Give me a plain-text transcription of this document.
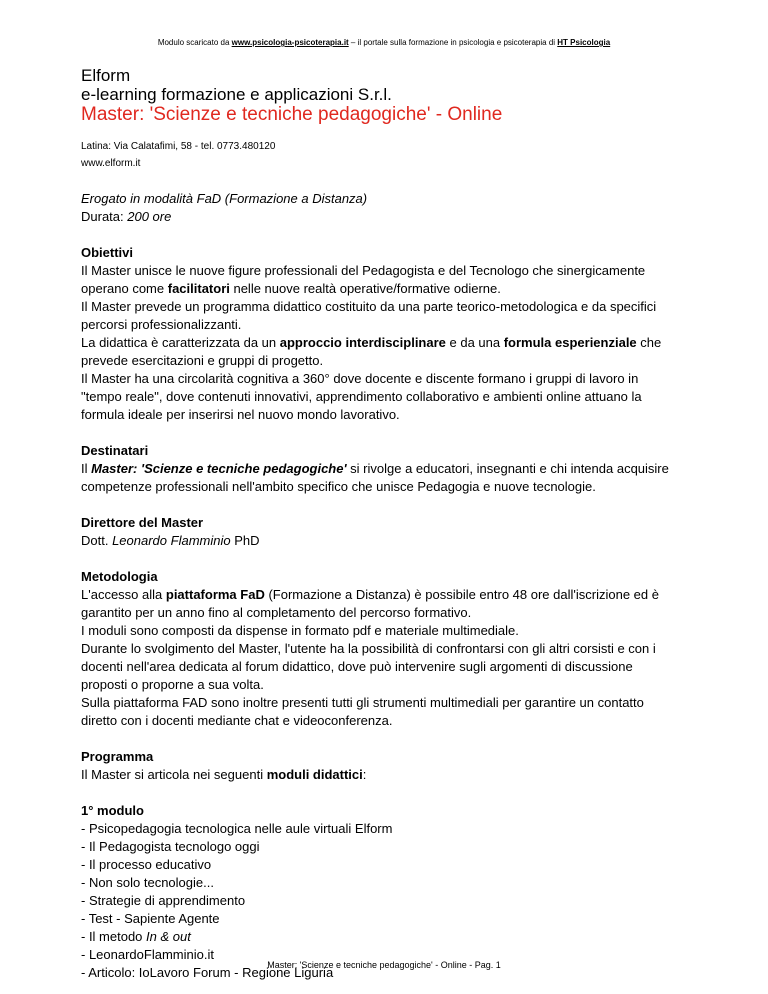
Modulo scaricato da www.psicologia-psicoterapia.it – il portale sulla formazione in psicologia e psicoterapia di HT Psicologia
Elform
e-learning formazione e applicazioni S.r.l.
Master: 'Scienze e tecniche pedagogiche' - Online
Latina: Via Calatafimi, 58 - tel. 0773.480120
www.elform.it
Erogato in modalità FaD (Formazione a Distanza)
Durata: 200 ore
Obiettivi

Il Master unisce le nuove figure professionali del Pedagogista e del Tecnologo che sinergicamente operano come facilitatori nelle nuove realtà operative/formative odierne.

Il Master prevede un programma didattico costituito da una parte teorico-metodologica e da specifici percorsi professionalizzanti.

La didattica è caratterizzata da un approccio interdisciplinare e da una formula esperienziale che prevede esercitazioni e gruppi di progetto.

Il Master ha una circolarità cognitiva a 360° dove docente e discente formano i gruppi di lavoro in "tempo reale", dove contenuti innovativi, apprendimento collaborativo e ambienti online attuano la formula ideale per inserirsi nel nuovo mondo lavorativo.

Destinatari

Il Master: 'Scienze e tecniche pedagogiche' si rivolge a educatori, insegnanti e chi intenda acquisire competenze professionali nell'ambito specifico che unisce Pedagogia e nuove tecnologie.

Direttore del Master

Dott. Leonardo Flamminio PhD

Metodologia

L'accesso alla piattaforma FaD (Formazione a Distanza) è possibile entro 48 ore dall'iscrizione ed è garantito per un anno fino al completamento del percorso formativo.

I moduli sono composti da dispense in formato pdf e materiale multimediale.

Durante lo svolgimento del Master, l'utente ha la possibilità di confrontarsi con gli altri corsisti e con i docenti nell'area dedicata al forum didattico, dove può intervenire sugli argomenti di discussione proposti o proporne a sua volta.

Sulla piattaforma FAD sono inoltre presenti tutti gli strumenti multimediali per garantire un contatto diretto con i docenti mediante chat e videoconferenza.

Programma

Il Master si articola nei seguenti moduli didattici:

1° modulo
- Psicopedagogia tecnologica nelle aule virtuali Elform
- Il Pedagogista tecnologo oggi
- Il processo educativo
- Non solo tecnologie...
- Strategie di apprendimento
- Test - Sapiente Agente
- Il metodo In & out
- LeonardoFlamminio.it
- Articolo: IoLavoro Forum - Regione Liguria
Master: 'Scienze e tecniche pedagogiche' - Online - Pag. 1
